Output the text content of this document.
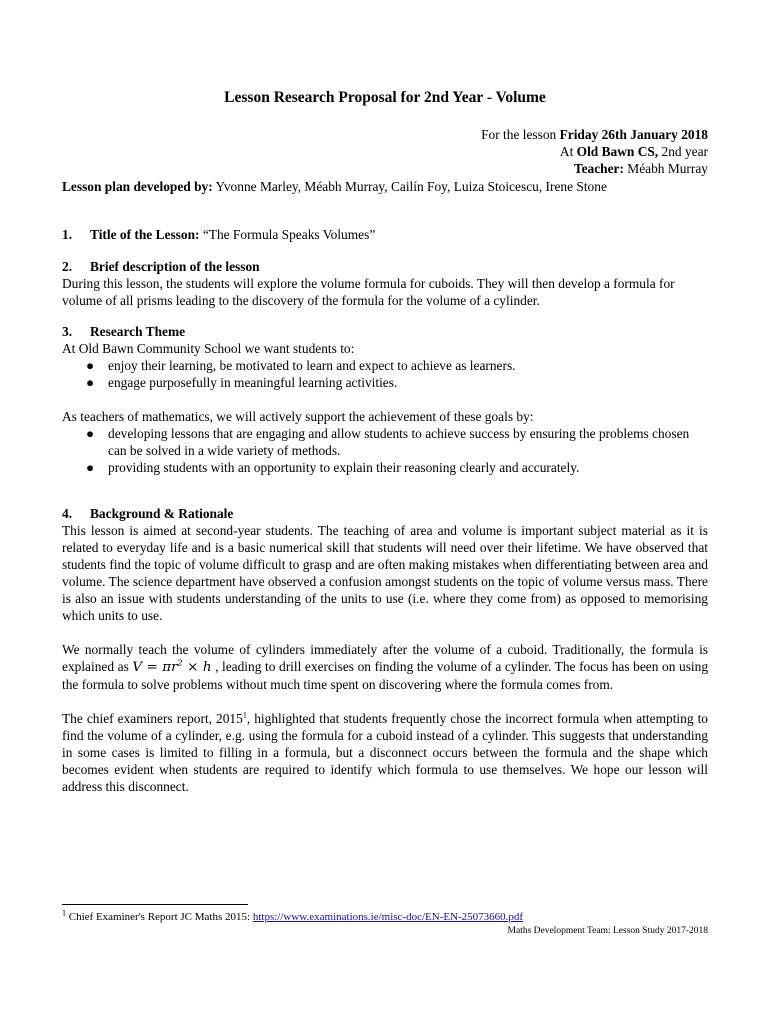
Lesson Research Proposal for 2nd Year - Volume
For the lesson Friday 26th January 2018
At Old Bawn CS, 2nd year
Teacher: Méabh Murray
Lesson plan developed by: Yvonne Marley, Méabh Murray, Cailín Foy, Luiza Stoicescu, Irene Stone
1. Title of the Lesson: “The Formula Speaks Volumes”
2. Brief description of the lesson
During this lesson, the students will explore the volume formula for cuboids. They will then develop a formula for volume of all prisms leading to the discovery of the formula for the volume of a cylinder.
3. Research Theme
At Old Bawn Community School we want students to:
● enjoy their learning, be motivated to learn and expect to achieve as learners.
● engage purposefully in meaningful learning activities.
As teachers of mathematics, we will actively support the achievement of these goals by:
● developing lessons that are engaging and allow students to achieve success by ensuring the problems chosen can be solved in a wide variety of methods.
● providing students with an opportunity to explain their reasoning clearly and accurately.
4. Background & Rationale
This lesson is aimed at second-year students. The teaching of area and volume is important subject material as it is related to everyday life and is a basic numerical skill that students will need over their lifetime. We have observed that students find the topic of volume difficult to grasp and are often making mistakes when differentiating between area and volume. The science department have observed a confusion amongst students on the topic of volume versus mass. There is also an issue with students understanding of the units to use (i.e. where they come from) as opposed to memorising which units to use.
We normally teach the volume of cylinders immediately after the volume of a cuboid. Traditionally, the formula is explained as $V = \pi r^2 \times h$ , leading to drill exercises on finding the volume of a cylinder. The focus has been on using the formula to solve problems without much time spent on discovering where the formula comes from.
The chief examiners report, 2015$^1$, highlighted that students frequently chose the incorrect formula when attempting to find the volume of a cylinder, e.g. using the formula for a cuboid instead of a cylinder. This suggests that understanding in some cases is limited to filling in a formula, but a disconnect occurs between the formula and the shape which becomes evident when students are required to identify which formula to use themselves. We hope our lesson will address this disconnect.
$^1$ Chief Examiner's Report JC Maths 2015: https://www.examinations.ie/misc-doc/EN-EN-25073660.pdf
Maths Development Team: Lesson Study 2017-2018
